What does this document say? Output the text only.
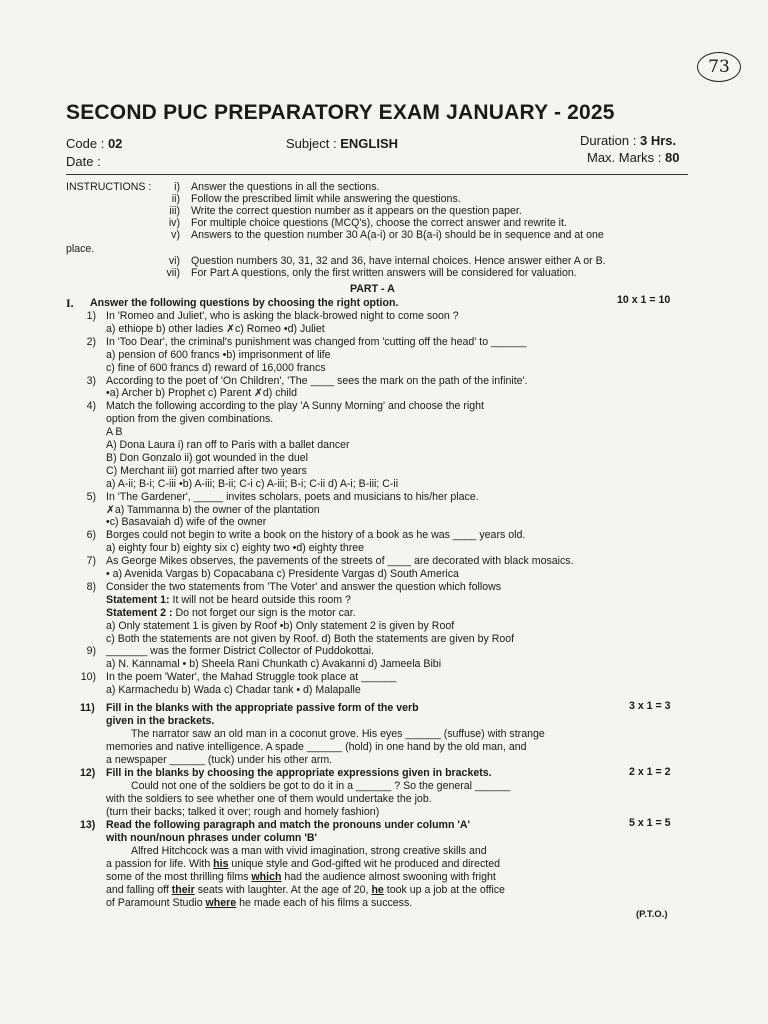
73
SECOND PUC PREPARATORY EXAM JANUARY - 2025
Code : 02	Subject : ENGLISH	Duration : 3 Hrs.
Date :	Max. Marks : 80
INSTRUCTIONS :	i) Answer the questions in all the sections.
ii) Follow the prescribed limit while answering the questions.
iii) Write the correct question number as it appears on the question paper.
iv) For multiple choice questions (MCQ's), choose the correct answer and rewrite it.
v) Answers to the question number 30 A(a-i) or 30 B(a-i) should be in sequence and at one
place.
vi) Question numbers 30, 31, 32 and 36, have internal choices. Hence answer either A or B.
vii) For Part A questions, only the first written answers will be considered for valuation.
PART - A
I. Answer the following questions by choosing the right option.	10 x 1 = 10
1) In 'Romeo and Juliet', who is asking the black-browed night to come soon ?
a) ethiope b) other ladies ✗c) Romeo •d) Juliet
2) In 'Too Dear', the criminal's punishment was changed from 'cutting off the head' to ______
a) pension of 600 francs •b) imprisonment of life
c) fine of 600 francs d) reward of 16,000 francs
3) According to the poet of 'On Children', 'The ____ sees the mark on the path of the infinite'.
•a) Archer b) Prophet c) Parent ✗d) child
4) Match the following according to the play 'A Sunny Morning' and choose the right
option from the given combinations.
A B
A) Dona Laura i) ran off to Paris with a ballet dancer
B) Don Gonzalo ii) got wounded in the duel
C) Merchant iii) got married after two years
a) A-ii; B-i; C-iii •b) A-iii; B-ii; C-i c) A-iii; B-i; C-ii d) A-i; B-iii; C-ii
5) In 'The Gardener', _____ invites scholars, poets and musicians to his/her place.
✗a) Tammanna b) the owner of the plantation
•c) Basavaiah d) wife of the owner
6) Borges could not begin to write a book on the history of a book as he was ____ years old.
a) eighty four b) eighty six c) eighty two •d) eighty three
7) As George Mikes observes, the pavements of the streets of ____ are decorated with black mosaics.
• a) Avenida Vargas b) Copacabana c) Presidente Vargas d) South America
8) Consider the two statements from 'The Voter' and answer the question which follows
Statement 1: It will not be heard outside this room ?
Statement 2 : Do not forget our sign is the motor car.
a) Only statement 1 is given by Roof •b) Only statement 2 is given by Roof
c) Both the statements are not given by Roof. d) Both the statements are given by Roof
9) _______ was the former District Collector of Puddokottai.
a) N. Kannamal • b) Sheela Rani Chunkath c) Avakanni d) Jameela Bibi
10) In the poem 'Water', the Mahad Struggle took place at ______
a) Karmachedu b) Wada c) Chadar tank • d) Malapalle
11) Fill in the blanks with the appropriate passive form of the verb
given in the brackets.
3 x 1 = 3
The narrator saw an old man in a coconut grove. His eyes ______ (suffuse) with strange
memories and native intelligence. A spade ______ (hold) in one hand by the old man, and
a newspaper ______ (tuck) under his other arm.
12) Fill in the blanks by choosing the appropriate expressions given in brackets.	2 x 1 = 2
Could not one of the soldiers be got to do it in a ______ ? So the general ______
with the soldiers to see whether one of them would undertake the job.
(turn their backs; talked it over; rough and homely fashion)
13) Read the following paragraph and match the pronouns under column 'A'
with noun/noun phrases under column 'B'
5 x 1 = 5
Alfred Hitchcock was a man with vivid imagination, strong creative skills and
a passion for life. With his unique style and God-gifted wit he produced and directed
some of the most thrilling films which had the audience almost swooning with fright
and falling off their seats with laughter. At the age of 20, he took up a job at the office
of Paramount Studio where he made each of his films a success.
(P.T.O.)
